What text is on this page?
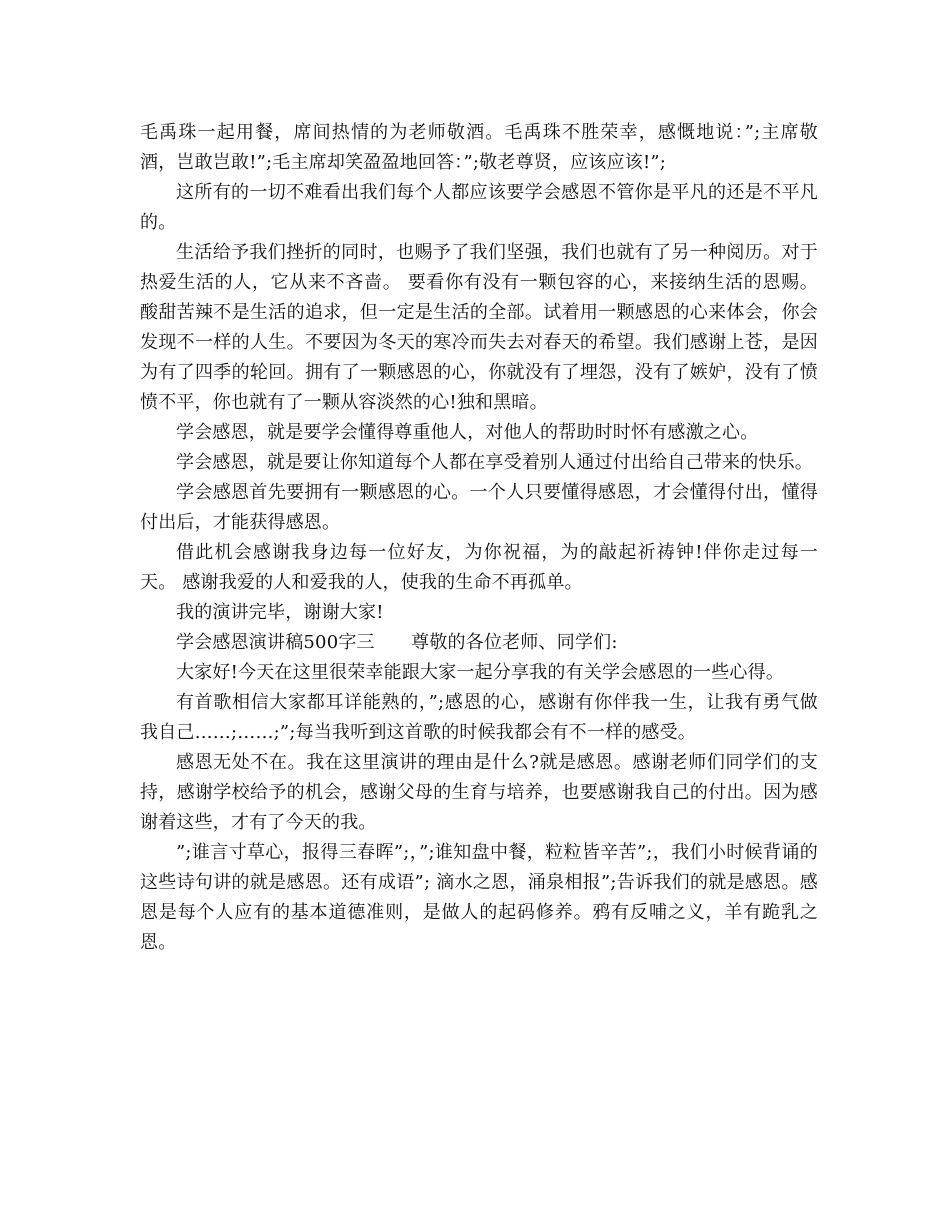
毛禹珠一起用餐，席间热情的为老师敬酒。毛禹珠不胜荣幸，感慨地说：”;主席敬酒，岂敢岂敢!”;毛主席却笑盈盈地回答：”;敬老尊贤，应该应该!”;

这所有的一切不难看出我们每个人都应该要学会感恩不管你是平凡的还是不平凡的。

生活给予我们挫折的同时，也赐予了我们坚强，我们也就有了另一种阅历。对于热爱生活的人，它从来不吝啬。 要看你有没有一颗包容的心，来接纳生活的恩赐。酸甜苦辣不是生活的追求，但一定是生活的全部。试着用一颗感恩的心来体会，你会发现不一样的人生。不要因为冬天的寒冷而失去对春天的希望。我们感谢上苍，是因为有了四季的轮回。拥有了一颗感恩的心，你就没有了埋怨，没有了嫉妒，没有了愤愤不平，你也就有了一颗从容淡然的心!独和黑暗。

学会感恩，就是要学会懂得尊重他人，对他人的帮助时时怀有感激之心。

学会感恩，就是要让你知道每个人都在享受着别人通过付出给自己带来的快乐。

学会感恩首先要拥有一颗感恩的心。一个人只要懂得感恩，才会懂得付出，懂得付出后，才能获得感恩。

借此机会感谢我身边每一位好友，为你祝福，为的敲起祈祷钟!伴你走过每一天。 感谢我爱的人和爱我的人，使我的生命不再孤单。

我的演讲完毕，谢谢大家!

学会感恩演讲稿500字三　　尊敬的各位老师、同学们:

大家好!今天在这里很荣幸能跟大家一起分享我的有关学会感恩的一些心得。

有首歌相信大家都耳详能熟的，”;感恩的心，感谢有你伴我一生，让我有勇气做我自己……;……;”;每当我听到这首歌的时候我都会有不一样的感受。

感恩无处不在。我在这里演讲的理由是什么?就是感恩。感谢老师们同学们的支持，感谢学校给予的机会，感谢父母的生育与培养，也要感谢我自己的付出。因为感谢着这些，才有了今天的我。

”;谁言寸草心，报得三春晖”;，”;谁知盘中餐，粒粒皆辛苦”;，我们小时候背诵的这些诗句讲的就是感恩。还有成语”; 滴水之恩，涌泉相报”;告诉我们的就是感恩。感恩是每个人应有的基本道德准则，是做人的起码修养。鸦有反哺之义，羊有跪乳之恩。
